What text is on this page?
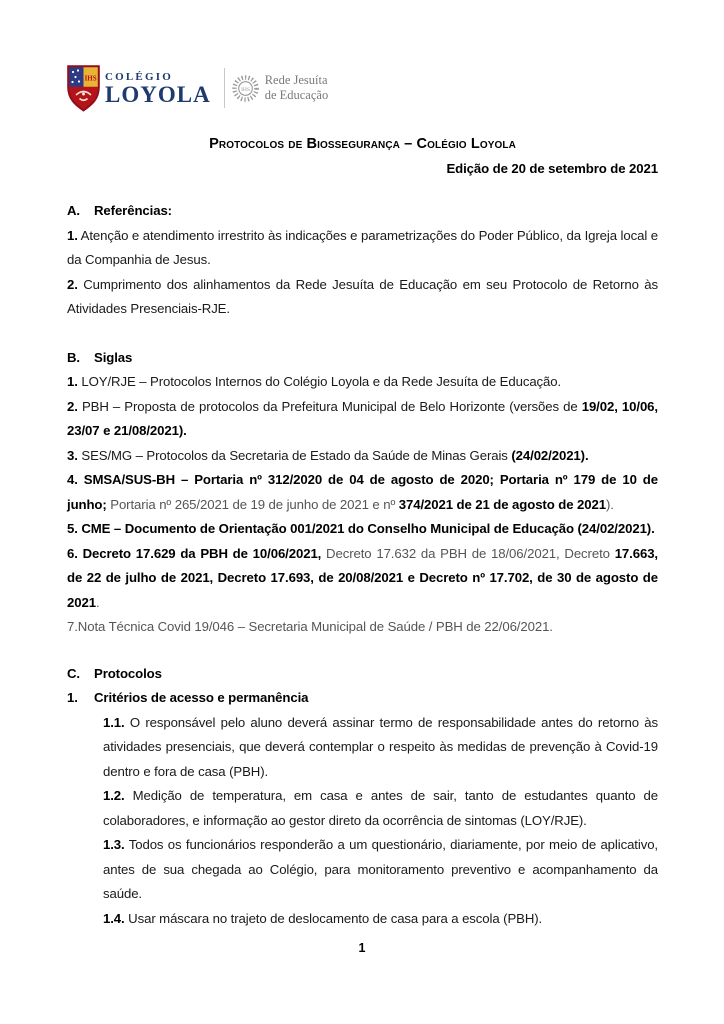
IHS COLÉGIO
LOYOLA	IHS
Rede Jesuíta
de Educação
Protocolos de Biossegurança – Colégio Loyola
Edição de 20 de setembro de 2021
A.	Referências:

1. Atenção e atendimento irrestrito às indicações e parametrizações do Poder Público, da Igreja local e da Companhia de Jesus.

2. Cumprimento dos alinhamentos da Rede Jesuíta de Educação em seu Protocolo de Retorno às Atividades Presenciais-RJE.

B.	Siglas

1. LOY/RJE – Protocolos Internos do Colégio Loyola e da Rede Jesuíta de Educação.

2. PBH – Proposta de protocolos da Prefeitura Municipal de Belo Horizonte (versões de 19/02, 10/06, 23/07 e 21/08/2021).

3. SES/MG – Protocolos da Secretaria de Estado da Saúde de Minas Gerais (24/02/2021).

4. SMSA/SUS-BH – Portaria nº 312/2020 de 04 de agosto de 2020; Portaria nº 179 de 10 de junho; Portaria nº 265/2021 de 19 de junho de 2021 e nº 374/2021 de 21 de agosto de 2021).

5. CME – Documento de Orientação 001/2021 do Conselho Municipal de Educação (24/02/2021).

6. Decreto 17.629 da PBH de 10/06/2021, Decreto 17.632 da PBH de 18/06/2021, Decreto 17.663, de 22 de julho de 2021, Decreto 17.693, de 20/08/2021 e Decreto nº 17.702, de 30 de agosto de 2021.

7.Nota Técnica Covid 19/046 – Secretaria Municipal de Saúde / PBH de 22/06/2021.

C.	Protocolos
1.	Critérios de acesso e permanência

1.1. O responsável pelo aluno deverá assinar termo de responsabilidade antes do retorno às atividades presenciais, que deverá contemplar o respeito às medidas de prevenção à Covid-19 dentro e fora de casa (PBH).

1.2. Medição de temperatura, em casa e antes de sair, tanto de estudantes quanto de colaboradores, e informação ao gestor direto da ocorrência de sintomas (LOY/RJE).

1.3. Todos os funcionários responderão a um questionário, diariamente, por meio de aplicativo, antes de sua chegada ao Colégio, para monitoramento preventivo e acompanhamento da saúde.

1.4. Usar máscara no trajeto de deslocamento de casa para a escola (PBH).

1
